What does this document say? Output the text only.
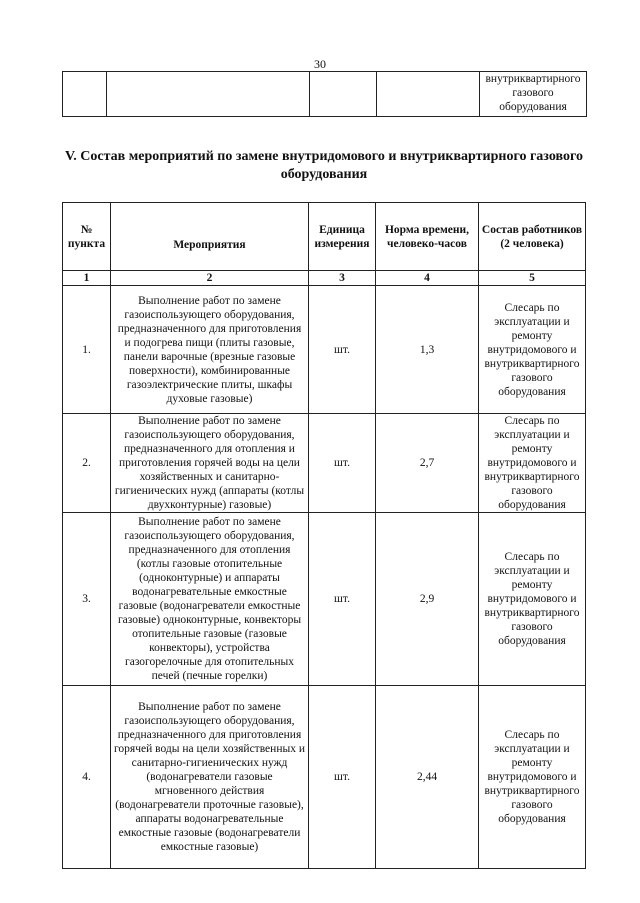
30
				внутриквартирного газового оборудования
V. Состав мероприятий по замене внутридомового и внутриквартирного газового оборудования
№ пункта	Мероприятия	Единица измерения	Норма времени, человеко-часов	Состав работников (2 человека)
1	2	3	4	5
1.	Выполнение работ по замене газоиспользующего оборудования, предназначенного для приготовления и подогрева пищи (плиты газовые, панели варочные (врезные газовые поверхности), комбинированные газоэлектрические плиты, шкафы духовые газовые)	шт.	1,3	Слесарь по эксплуатации и ремонту внутридомового и внутриквартирного газового оборудования
2.	Выполнение работ по замене газоиспользующего оборудования, предназначенного для отопления и приготовления горячей воды на цели хозяйственных и санитарно-гигиенических нужд (аппараты (котлы двухконтурные) газовые)	шт.	2,7	Слесарь по эксплуатации и ремонту внутридомового и внутриквартирного газового оборудования
3.	Выполнение работ по замене газоиспользующего оборудования, предназначенного для отопления (котлы газовые отопительные (одноконтурные) и аппараты водонагревательные емкостные газовые (водонагреватели емкостные газовые) одноконтурные, конвекторы отопительные газовые (газовые конвекторы), устройства газогорелочные для отопительных печей (печные горелки)	шт.	2,9	Слесарь по эксплуатации и ремонту внутридомового и внутриквартирного газового оборудования
4.	Выполнение работ по замене газоиспользующего оборудования, предназначенного для приготовления горячей воды на цели хозяйственных и санитарно-гигиенических нужд (водонагреватели газовые мгновенного действия (водонагреватели проточные газовые), аппараты водонагревательные емкостные газовые (водонагреватели емкостные газовые)	шт.	2,44	Слесарь по эксплуатации и ремонту внутридомового и внутриквартирного газового оборудования
